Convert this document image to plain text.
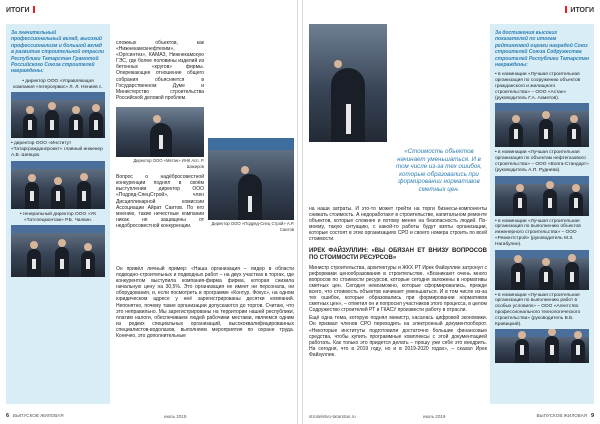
ИТОГИ
За значительный профессиональный вклад, высокий профессионализм и большой вклад в развитие строительной отрасли Республики Татарстан Грамотой Российского Союза строителей награждены:
• директор ООО «Управляющая компания «Інтерсервис» Л. Л. Нениев с.
• директор ООО «Институт «Татаргражданпроект» главный инженер А.В. Шевцов.
• генеральный директор ООО «УК «Татспецмонтаж» Р.Б. Чалкин.
сложных объектов, как «Нижнекамскнефтехим», «Оргсинтез», КАМАЗ, Нижнекамскую ГЭС, где более половины изделий из бетонных «кругов» фирмы. Опережающее отношение общего собрания объясняется в Государственном Думе и Министерство строительства Российской деловой проблем.
Директор ООО «Метан» ИНК Асп. Р. Шакиров
Вопрос о надёбросовестной конкуренции поднял в своём выступлении директор ООО «Подряд-СпецСтрой», член Дисциплинарной комиссии Ассоциации Айрат Саитов. По его мнению, такие нечестные компании никак не защищены от недобросовестной конкуренции.	Директор ООО «Подряд-Спец Строй» А.Р. Саитов
Он привёл личный пример: «Наша организация – лидер в области подводно-строительных и подводных работ – на двух участках в торгах, где конкурентом выступила компания-фирма фирма, которая снизила начальную цену на 30,5%. Это организация не имеет ни персонала, ни оборудования, и, если посмотреть в программе «Контур. Фокус», на одном юридическом адресе у неё зарегистрированы десятки компаний. Непонятно, почему такие организации допускаются до торгов. Считаю, что это неправильно. Мы зарегистрированы на территории нашей республики, платим налоги, обеспечиваем людей рабочими местами, являемся одним из редких специальных организаций, высококвалифицированных специалистов-водолазов, выполняем мероприятия по охране труда. Конечно, это дополнительные
6 ВЫПУСКОВ ЖИЛОВАЯ	июль 2019
ИТОГИ
«Стоимость объектов начинает уменьшаться. И в том числе из-за тех ошибок, которые образовались при формировании нормативов сметных цен.
на наши затраты. И это-то может грейти на торги бизнесы-компоненты снижать стоимость. А недоработают в строительстве, капитальном ремонте объектов, которые сложнее и потому менее на безопасность людей. По-моему, такую ситуацию, с какой-то работы будут взяты организации, которые состоят в этих организациях СРО и своего номера строить по всей стоимости.
ИРЕК ФАЙЗУЛЛИН: «ВЫ ОБЯЗАН ЕТ ВНИЗУ ВОПРОСОВ ПО СТОИМОСТИ РЕСУРСОВ»
Министр строительства, архитектуры и ЖКХ РТ Ирек Файзуллин затронул с реформами ценообразования в строительстве. «Возникают очень много вопросов по стоимости ресурсов, которые сегодня заложены в нормативы сметных цен. Сегодня невозможно, которые сформировались, прежде всего, что стоимость объектов начинает уменьшаться. И в том числе из-за тех ошибок, которые образовались при формировании нормативов сметных цен», – отметил он и попросил участников этого процесса, в целом Содружество строителей РТ и ГКАСУ произвести работу в отрасли.
Ещё одна тема, которую поднял министр, касалась цифровой экономики. Он призвал членов СРО переходить на электронный документооборот. «Некоторые институты подготовили достаточно большие финансовые средства, чтобы купить программные комплексы с этой документацией работать. Как только это придется делать – прошу уже себе это внедрить. На сегодня, что в 2019 году, но и в 2019-2020 годах», – сказал Ирек Файзуллин.
За достижения высоких показателей по итогам рейтинговой оценки наградой Союз строителей Союза Содружества строителей Республики Татарстан награждены:
• в номинации «Лучшая строительная организация по сооружению объектов гражданского и жилищного строительства» – ООО «Астан» (руководитель Г.А. Ахметов).
• в номинации «Лучшая строительная организация по объектам нефтегазового строительства» – ООО «Волга-Стандарт» (руководитель А.П. Руднева).
• в номинации «Лучшая строительная организация по выполнению объектов инженерного строительства» – ООО «Ремонтстрой» (руководитель М.З. Нагабулин).
• в номинации «Лучшая строительная организация по выполнению работ в особых условиях» – ООО «Агентство профессионального технологического строительства» (руководитель В.Б. Кривицкий).
stroitelstvo-tatarstan.ru	июль 2019	ВЫПУСКОВ ЖИЛОВАЯ 9
